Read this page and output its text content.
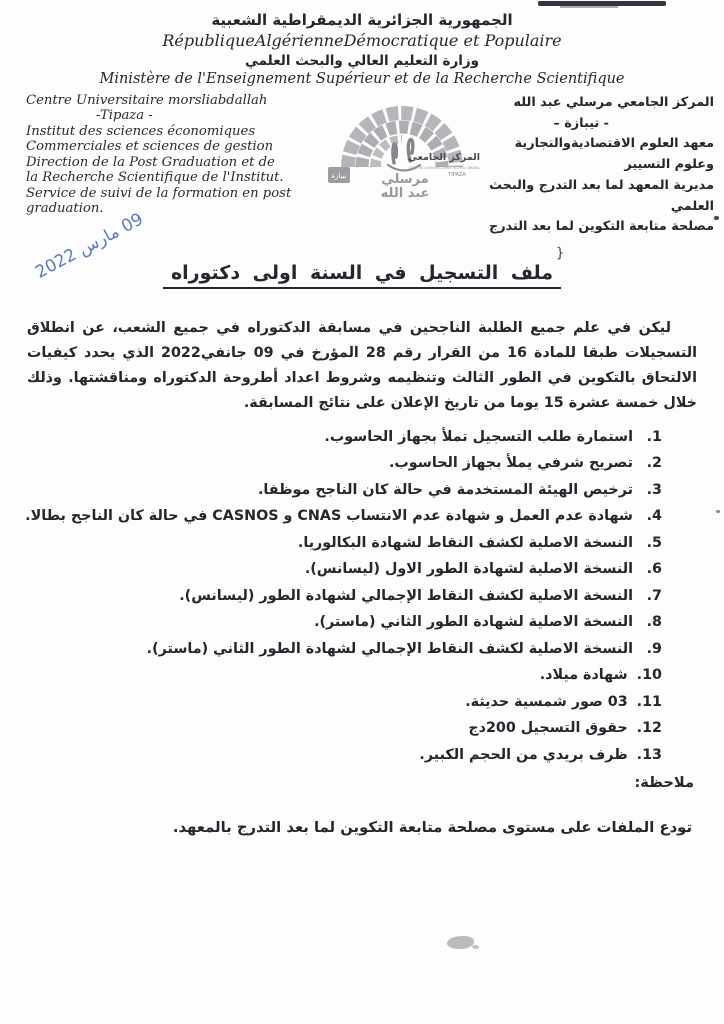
}
الجمهورية الجزائرية الديمقراطية الشعبية
RépubliqueAlgérienneDémocratique et Populaire
وزارة التعليم العالي والبحث العلمي
Ministère de l'Enseignement Supérieur et de la Recherche Scientifique
Centre Universitaire morsliabdallah
-Tipaza -
Institut des sciences économiques
Commerciales et sciences de gestion
Direction de la Post Graduation et de
la Recherche Scientifique de l'Institut.
Service de suivi de la formation en post graduation.
المركز الجامعي
CENTRE UNIVERSITAIRE MORSLI ABDALLAH
TIPAZA
مرسلي
عبد الله
تيبازة
المركز الجامعي مرسلي عبد الله
- تيبازة –
معهد العلوم الاقتصاديةوالتجارية وعلوم التسيير
مديرية المعهد لما بعد التدرج والبحث العلمي
مصلحة متابعة التكوين لما بعد التدرج
09 مارس 2022
ملف التسجيل في السنة اولى دكتوراه

ليكن في علم جميع الطلبة الناجحين في مسابقة الدكتوراه في جميع الشعب، عن انطلاق التسجيلات طبقا للمادة 16 من القرار رقم 28 المؤرخ في 09 جانفي2022 الذي يحدد كيفيات الالتحاق بالتكوين في الطور الثالث وتنظيمه وشروط اعداد أطروحة الدكتوراه ومناقشتها. وذلك خلال خمسة عشرة 15 يوما من تاريخ الإعلان على نتائج المسابقة.

.1
استمارة طلب التسجيل تملأ بجهاز الحاسوب.
.2
تصريح شرفي يملأ بجهاز الحاسوب.
.3
ترخيص الهيئة المستخدمة في حالة كان الناجح موظفا.
.4
شهادة عدم العمل و شهادة عدم الانتساب CNAS و CASNOS في حالة كان الناجح بطالا.
.5
النسخة الاصلية لكشف النقاط لشهادة البكالوريا.
.6
النسخة الاصلية لشهادة الطور الاول (ليسانس).
.7
النسخة الاصلية لكشف النقاط الإجمالي لشهادة الطور (ليسانس).
.8
النسخة الاصلية لشهادة الطور الثاني (ماستر).
.9
النسخة الاصلية لكشف النقاط الإجمالي لشهادة الطور الثاني (ماستر).
.10
شهادة ميلاد.
.11
03 صور شمسية حديثة.
.12
حقوق التسجيل 200دج
.13
ظرف بريدي من الحجم الكبير.
ملاحظة:
تودع الملفات على مستوى مصلحة متابعة التكوين لما بعد التدرج بالمعهد.
